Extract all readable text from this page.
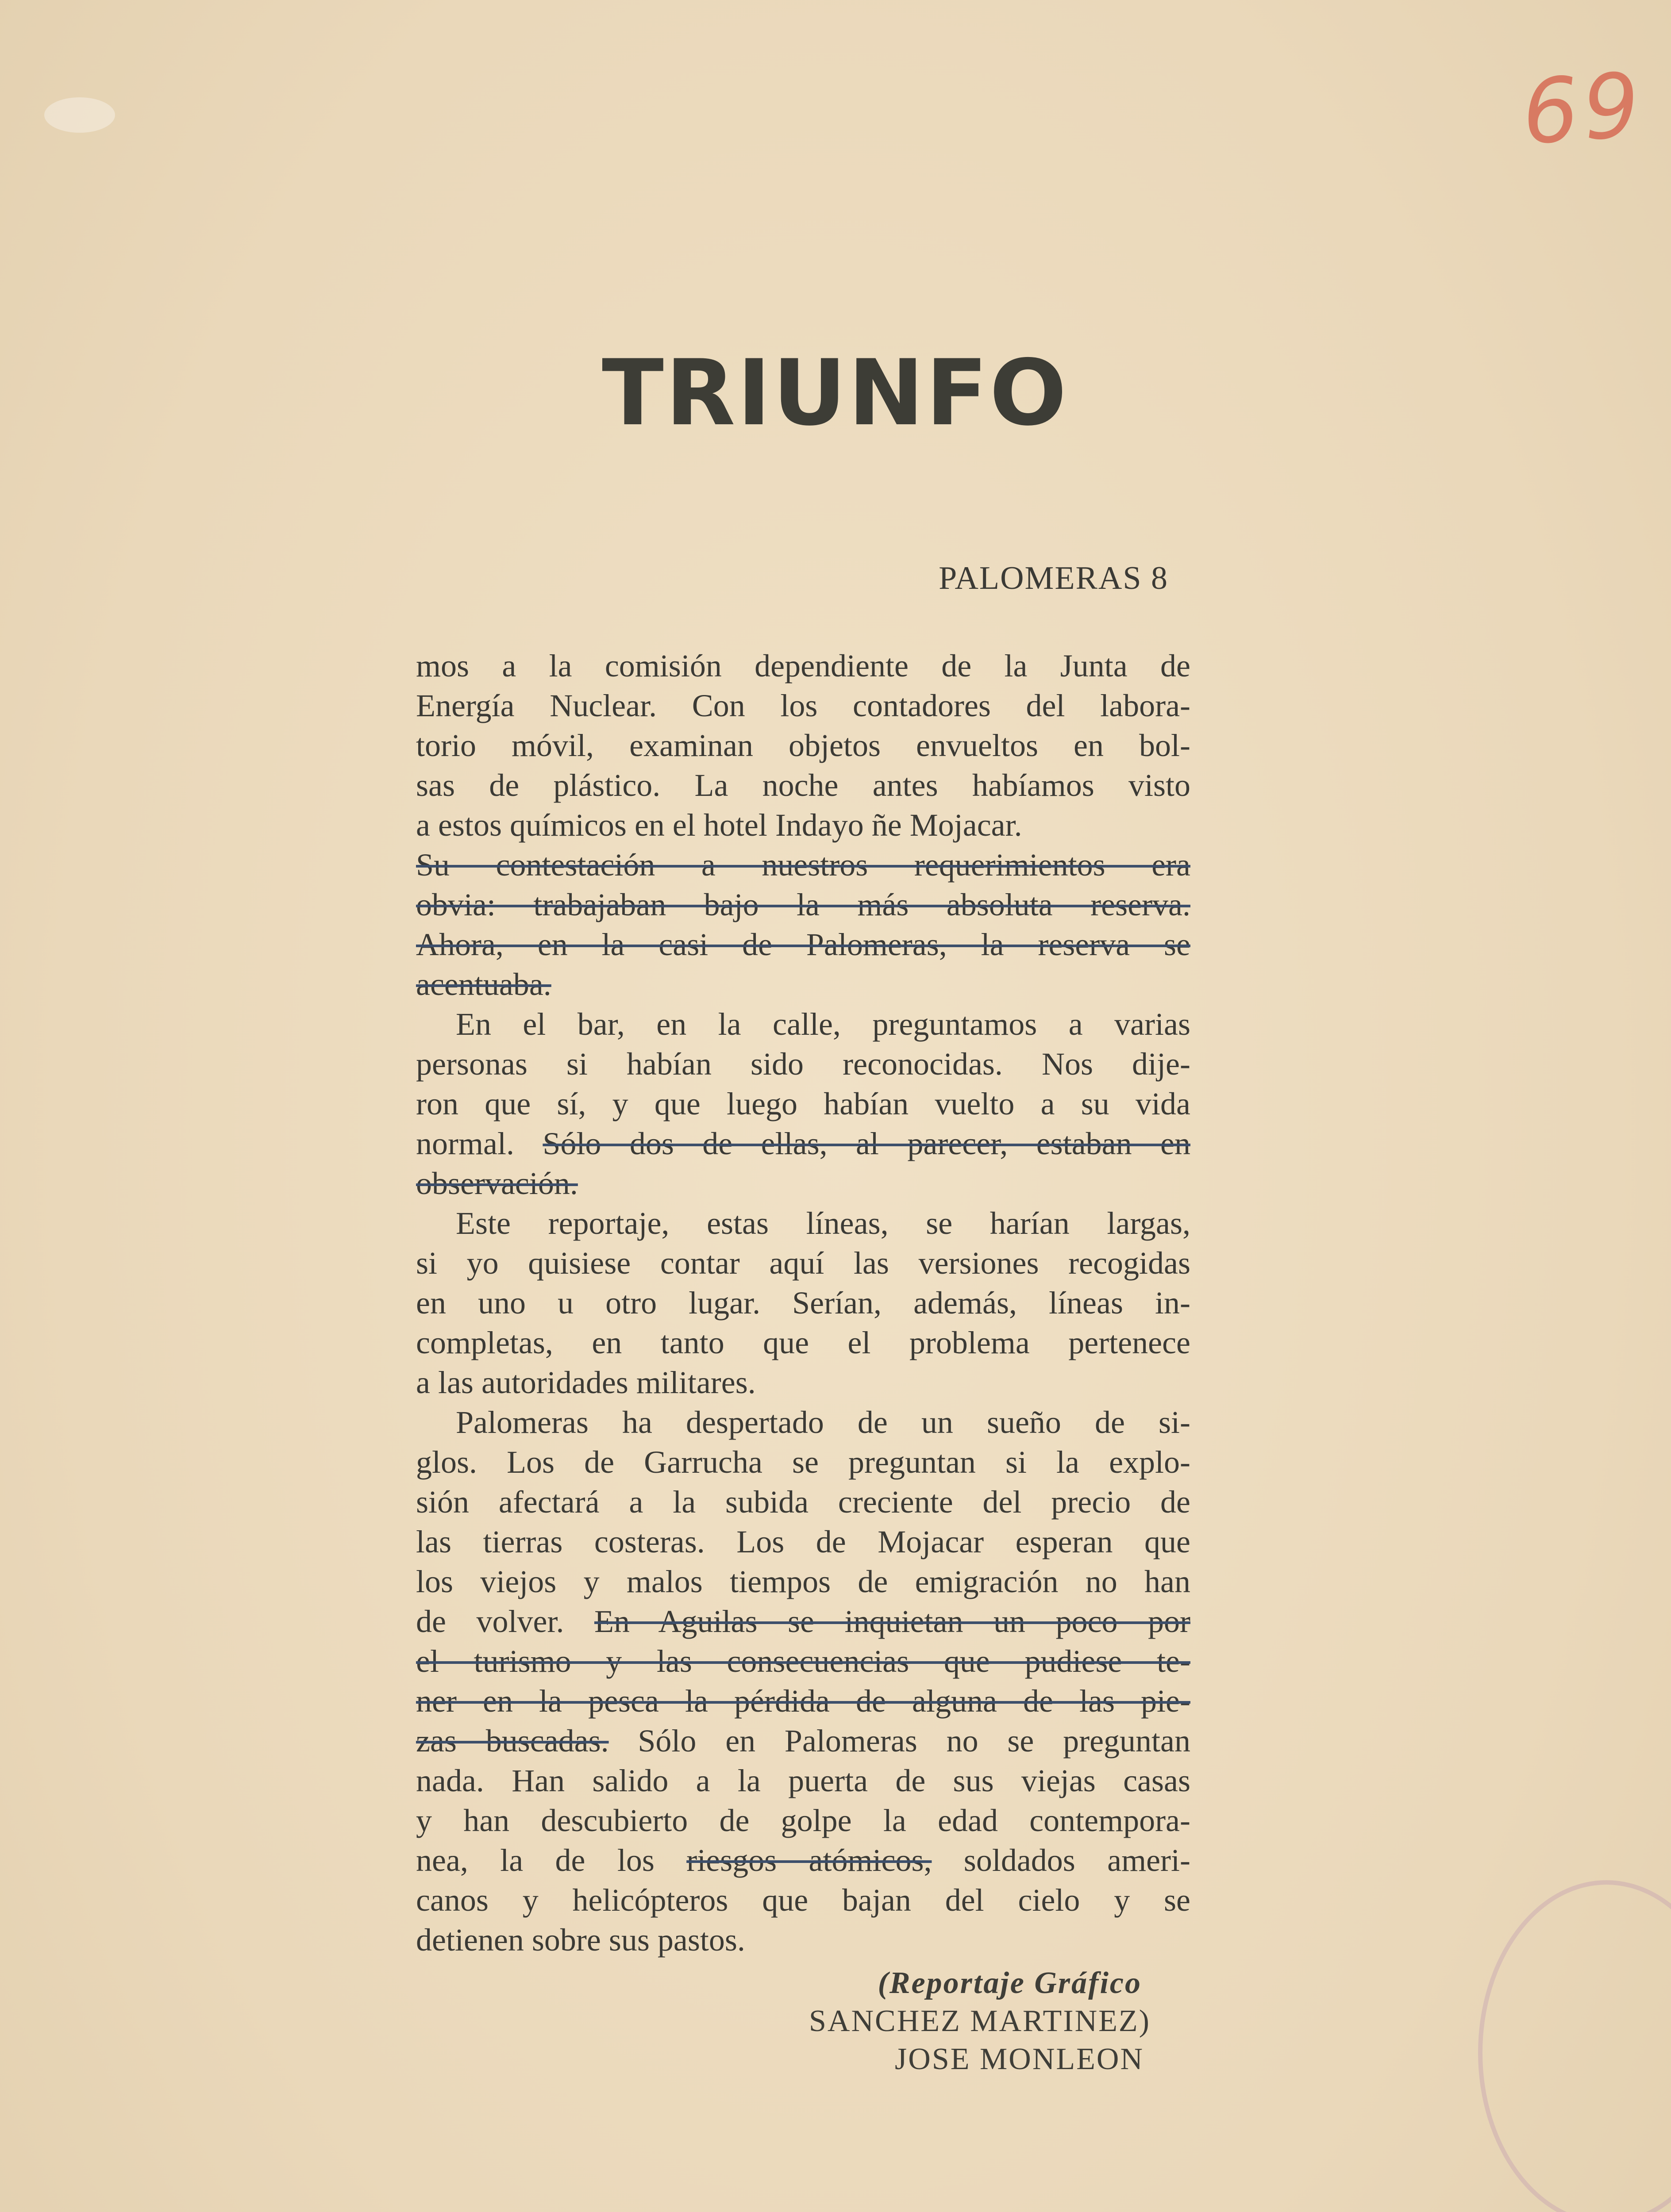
69
TRIUNFO
PALOMERAS 8
mos a la comisión dependiente de la Junta de
Energía Nuclear. Con los contadores del labora-
torio móvil, examinan objetos envueltos en bol-
sas de plástico. La noche antes habíamos visto
a estos químicos en el hotel Indayo ñe Mojacar.
Su contestación a nuestros requerimientos era
obvia: trabajaban bajo la más absoluta reserva.
Ahora, en la casi de Palomeras, la reserva se
acentuaba.
En el bar, en la calle, preguntamos a varias
personas si habían sido reconocidas. Nos dije-
ron que sí, y que luego habían vuelto a su vida
normal. Sólo dos de ellas, al parecer, estaban en
observación.
Este reportaje, estas líneas, se harían largas,
si yo quisiese contar aquí las versiones recogidas
en uno u otro lugar. Serían, además, líneas in-
completas, en tanto que el problema pertenece
a las autoridades militares.
Palomeras ha despertado de un sueño de si-
glos. Los de Garrucha se preguntan si la explo-
sión afectará a la subida creciente del precio de
las tierras costeras. Los de Mojacar esperan que
los viejos y malos tiempos de emigración no han
de volver. En Aguilas se inquietan un poco por
el turismo y las consecuencias que pudiese te-
ner en la pesca la pérdida de alguna de las pie-
zas buscadas. Sólo en Palomeras no se preguntan
nada. Han salido a la puerta de sus viejas casas
y han descubierto de golpe la edad contempora-
nea, la de los riesgos atómicos, soldados ameri-
canos y helicópteros que bajan del cielo y se
detienen sobre sus pastos.
(Reportaje Gráfico
SANCHEZ MARTINEZ)
JOSE MONLEON
